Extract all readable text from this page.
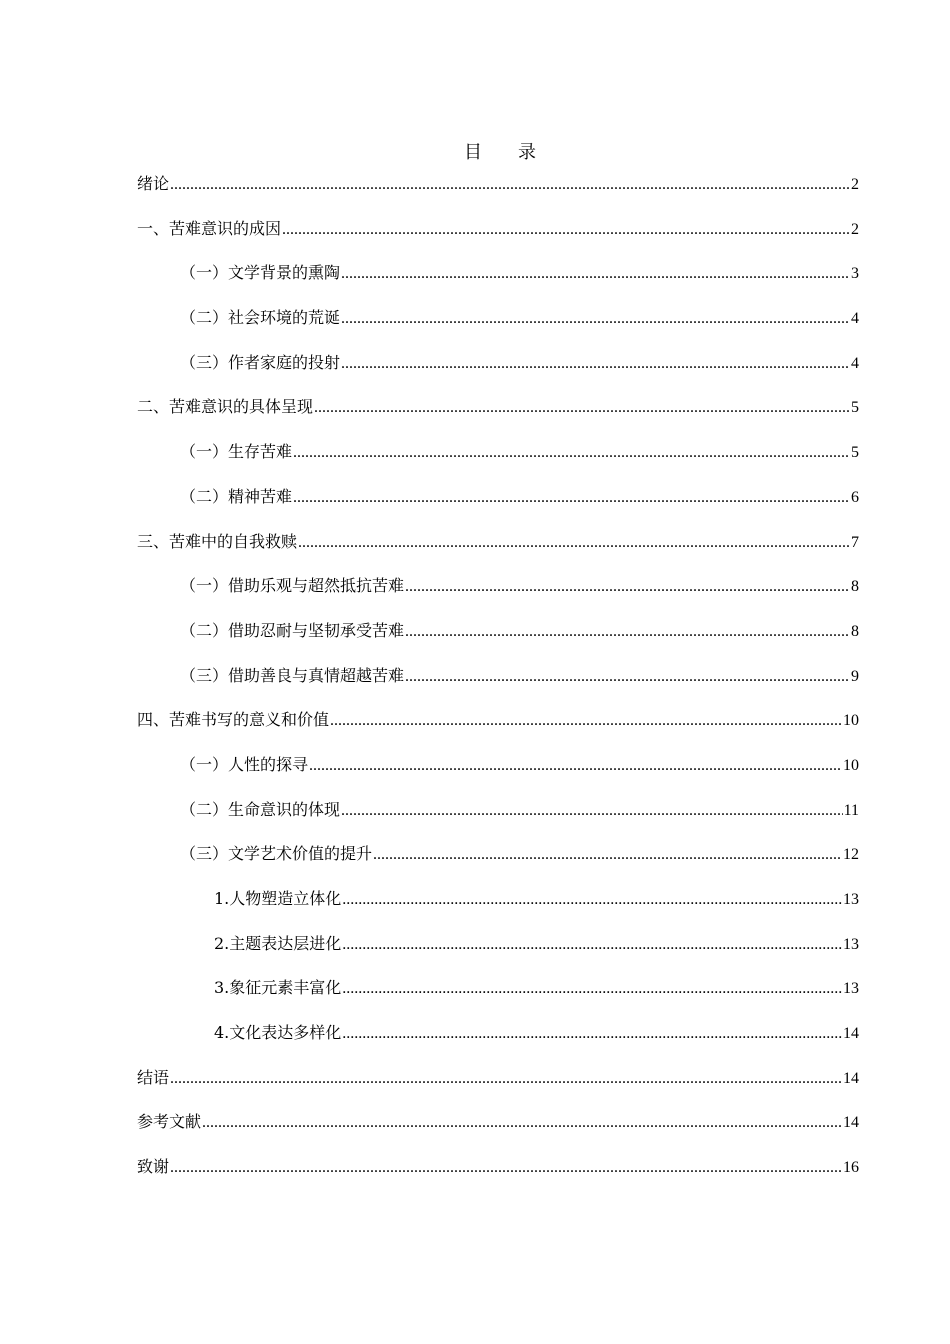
目　　录
绪论 .....	2
一、苦难意识的成因 .....	2
（一）文学背景的熏陶 .....	3
（二）社会环境的荒诞 .....	4
（三）作者家庭的投射 .....	4
二、苦难意识的具体呈现 .....	5
（一）生存苦难 .....	5
（二）精神苦难 .....	6
三、苦难中的自我救赎 .....	7
（一）借助乐观与超然抵抗苦难 .....	8
（二）借助忍耐与坚韧承受苦难 .....	8
（三）借助善良与真情超越苦难 .....	9
四、苦难书写的意义和价值 .....	10
（一）人性的探寻 .....	10
（二）生命意识的体现 .....	11
（三）文学艺术价值的提升 .....	12
1.人物塑造立体化 .....	13
2.主题表达层进化 .....	13
3.象征元素丰富化 .....	13
4.文化表达多样化 .....	14
结语 .....	14
参考文献 .....	14
致谢 .....	16
